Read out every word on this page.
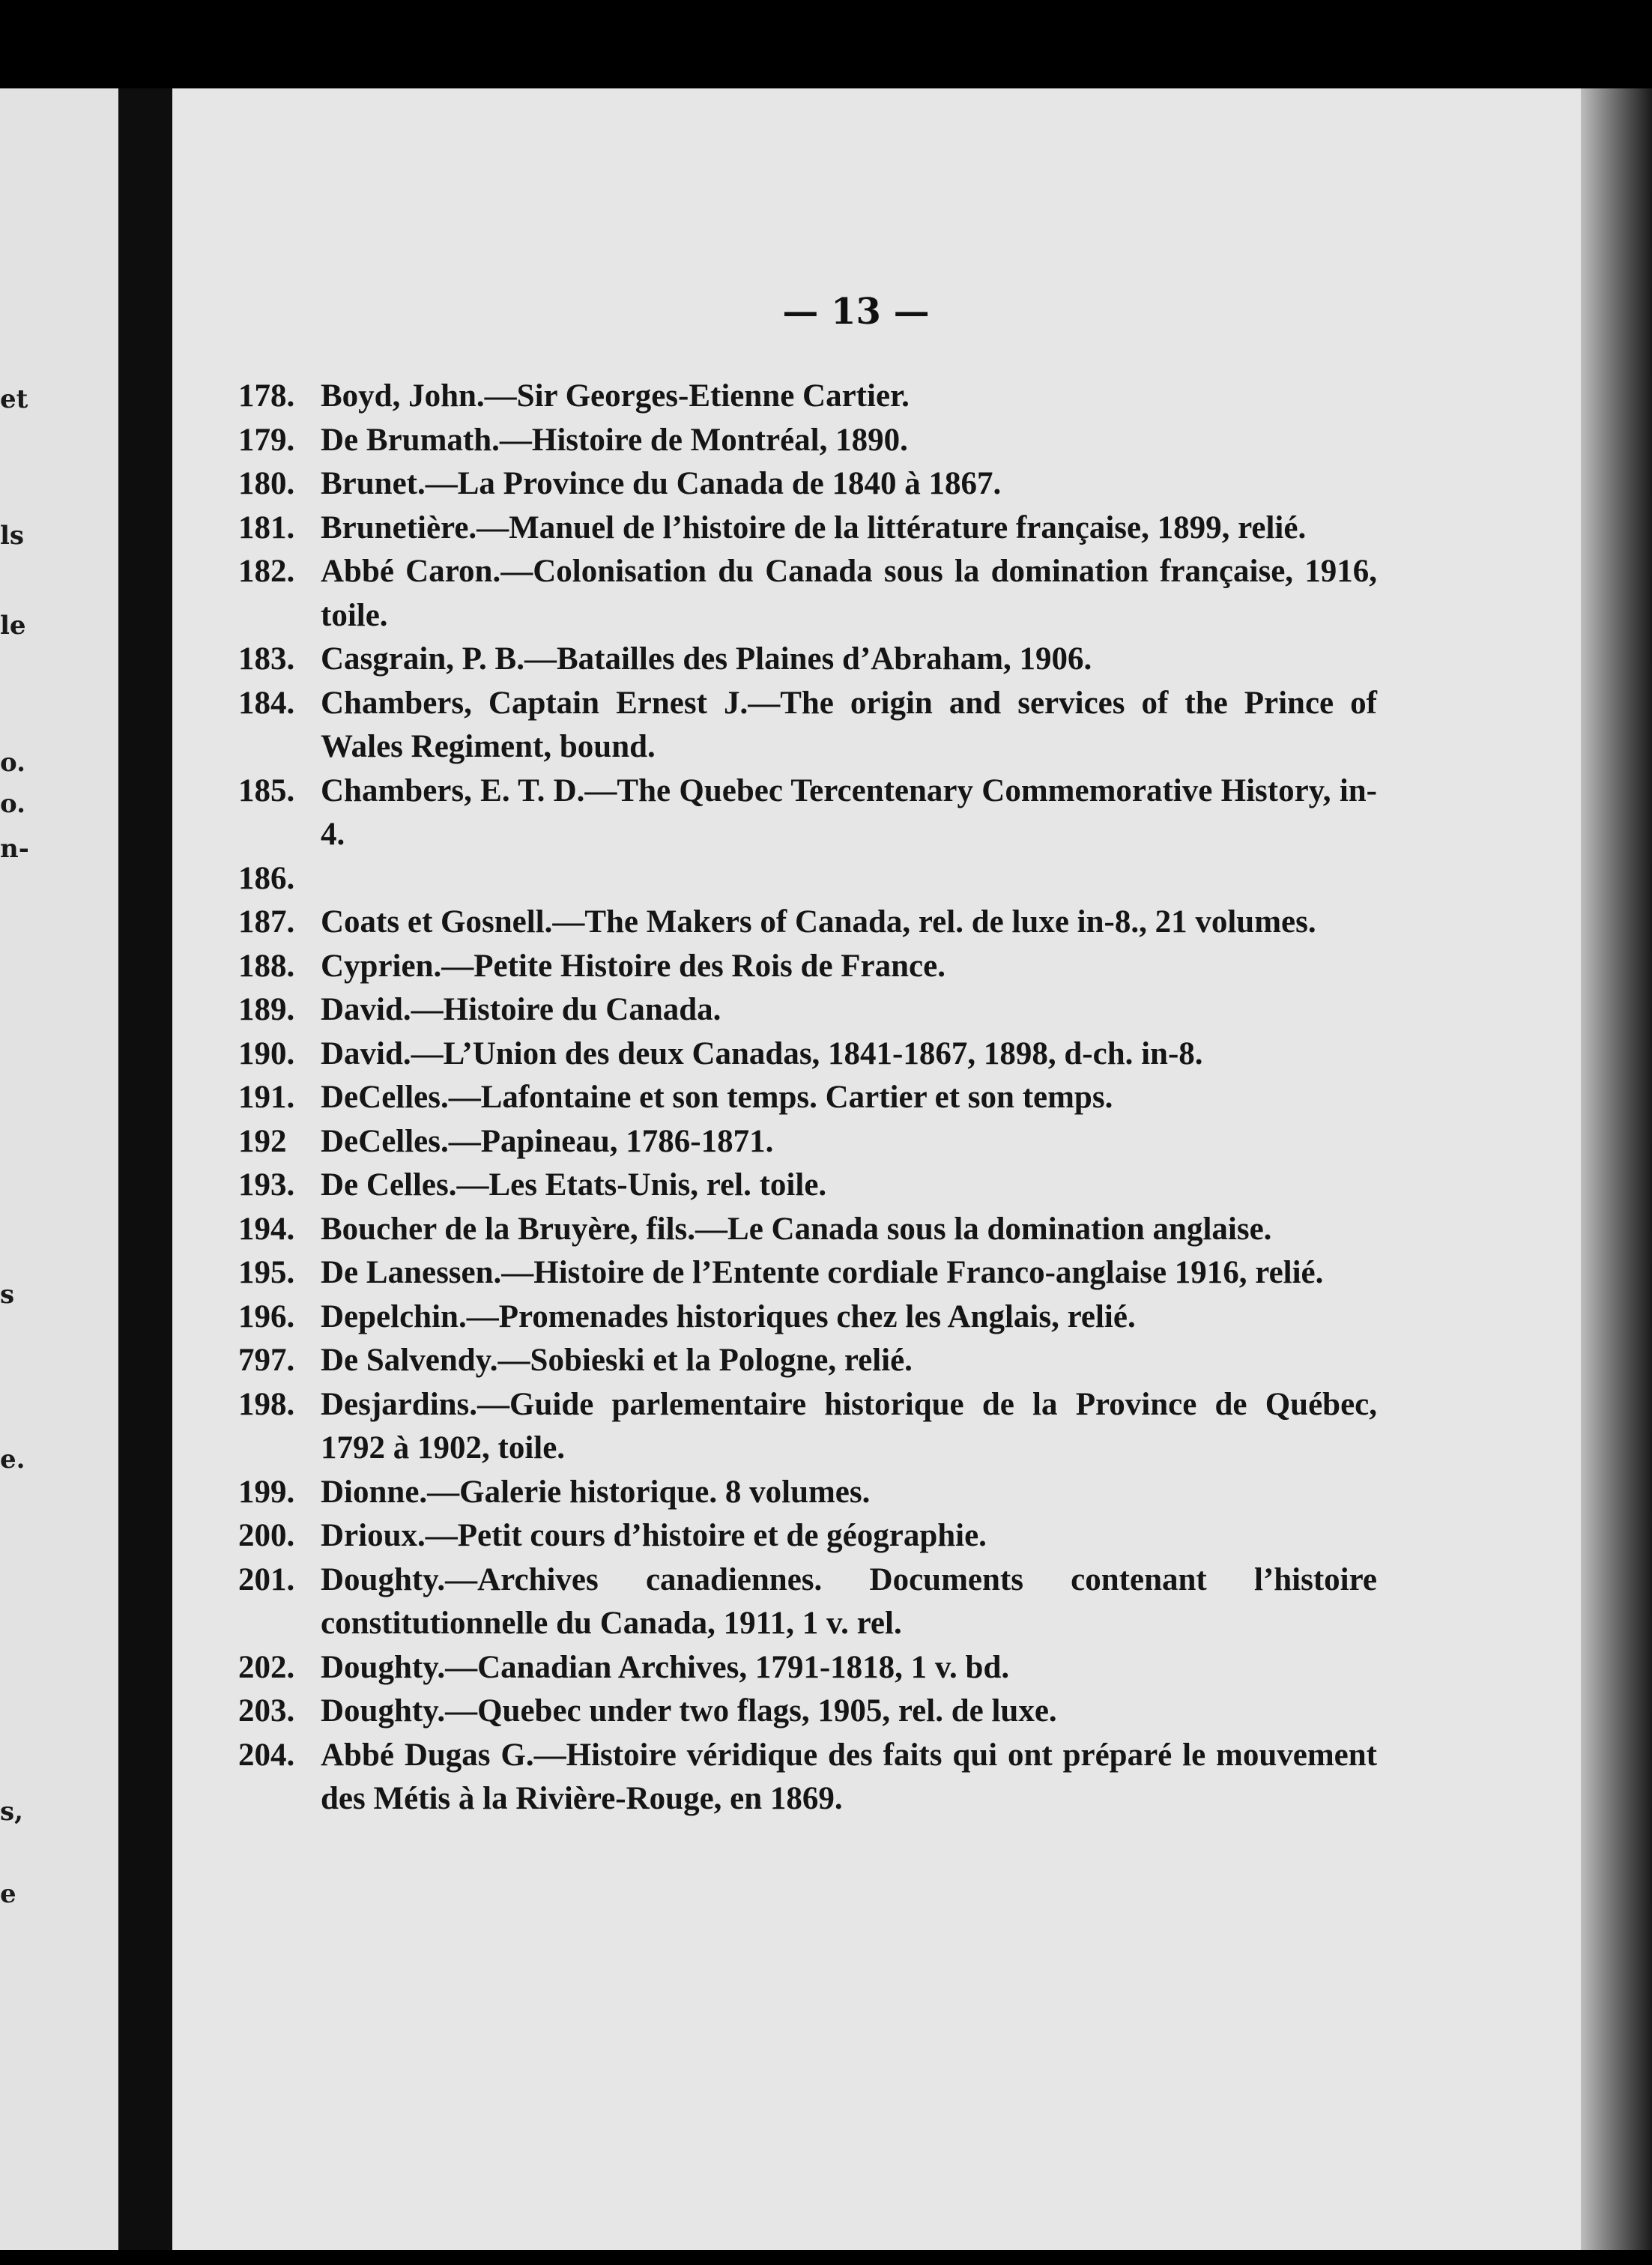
et
ls
le
o.
o.
n-
s
e.
s,
e
— 13 —
178. Boyd, John.—Sir Georges-Etienne Cartier.
179. De Brumath.—Histoire de Montréal, 1890.
180. Brunet.—La Province du Canada de 1840 à 1867.
181. Brunetière.—Manuel de l’histoire de la littérature française, 1899, relié.
182. Abbé Caron.—Colonisation du Canada sous la domination française, 1916, toile.
183. Casgrain, P. B.—Batailles des Plaines d’Abraham, 1906.
184. Chambers, Captain Ernest J.—The origin and services of the Prince of Wales Regiment, bound.
185. Chambers, E. T. D.—The Quebec Tercentenary Commemorative History, in-4.
186.
187. Coats et Gosnell.—The Makers of Canada, rel. de luxe in-8., 21 volumes.
188. Cyprien.—Petite Histoire des Rois de France.
189. David.—Histoire du Canada.
190. David.—L’Union des deux Canadas, 1841-1867, 1898, d-ch. in-8.
191. DeCelles.—Lafontaine et son temps. Cartier et son temps.
192	DeCelles.—Papineau, 1786-1871.
193. De Celles.—Les Etats-Unis, rel. toile.
194. Boucher de la Bruyère, fils.—Le Canada sous la domination anglaise.
195. De Lanessen.—Histoire de l’Entente cordiale Franco-anglaise 1916, relié.
196. Depelchin.—Promenades historiques chez les Anglais, relié.
797. De Salvendy.—Sobieski et la Pologne, relié.
198. Desjardins.—Guide parlementaire historique de la Province de Québec, 1792 à 1902, toile.
199. Dionne.—Galerie historique. 8 volumes.
200. Drioux.—Petit cours d’histoire et de géographie.
201. Doughty.—Archives canadiennes. Documents contenant l’histoire constitutionnelle du Canada, 1911, 1 v. rel.
202. Doughty.—Canadian Archives, 1791-1818, 1 v. bd.
203. Doughty.—Quebec under two flags, 1905, rel. de luxe.
204. Abbé Dugas G.—Histoire véridique des faits qui ont préparé le mouvement des Métis à la Rivière-Rouge, en 1869.
